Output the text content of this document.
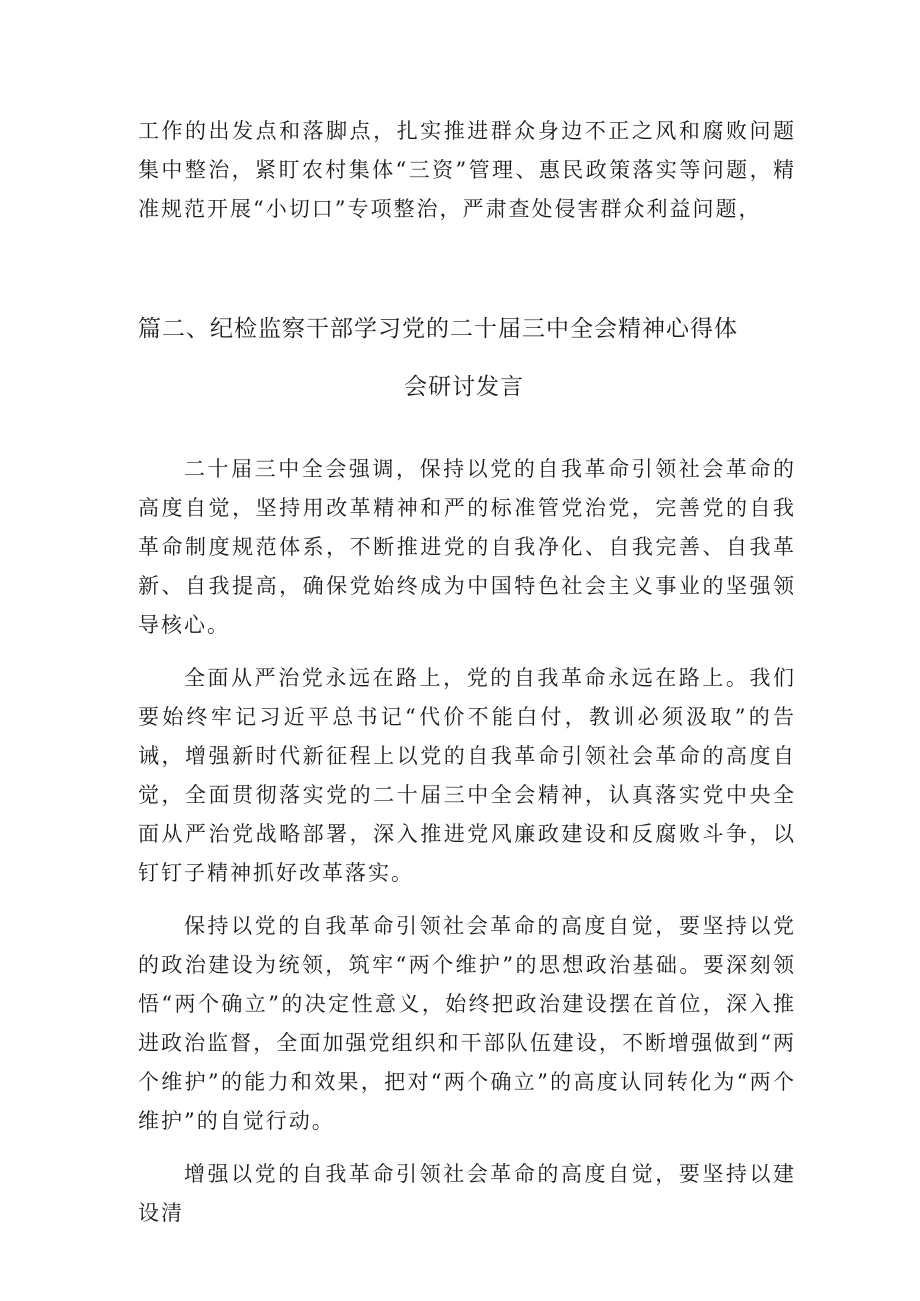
工作的出发点和落脚点，扎实推进群众身边不正之风和腐败问题集中整治，紧盯农村集体“三资”管理、惠民政策落实等问题，精准规范开展“小切口”专项整治，严肃查处侵害群众利益问题，

篇二、纪检监察干部学习党的二十届三中全会精神心得体
会研讨发言

二十届三中全会强调，保持以党的自我革命引领社会革命的高度自觉，坚持用改革精神和严的标准管党治党，完善党的自我革命制度规范体系，不断推进党的自我净化、自我完善、自我革新、自我提高，确保党始终成为中国特色社会主义事业的坚强领导核心。

全面从严治党永远在路上，党的自我革命永远在路上。我们要始终牢记习近平总书记“代价不能白付，教训必须汲取”的告诫，增强新时代新征程上以党的自我革命引领社会革命的高度自觉，全面贯彻落实党的二十届三中全会精神，认真落实党中央全面从严治党战略部署，深入推进党风廉政建设和反腐败斗争，以钉钉子精神抓好改革落实。

保持以党的自我革命引领社会革命的高度自觉，要坚持以党的政治建设为统领，筑牢“两个维护”的思想政治基础。要深刻领悟“两个确立”的决定性意义，始终把政治建设摆在首位，深入推进政治监督，全面加强党组织和干部队伍建设，不断增强做到“两个维护”的能力和效果，把对“两个确立”的高度认同转化为“两个维护”的自觉行动。

增强以党的自我革命引领社会革命的高度自觉，要坚持以建设清
